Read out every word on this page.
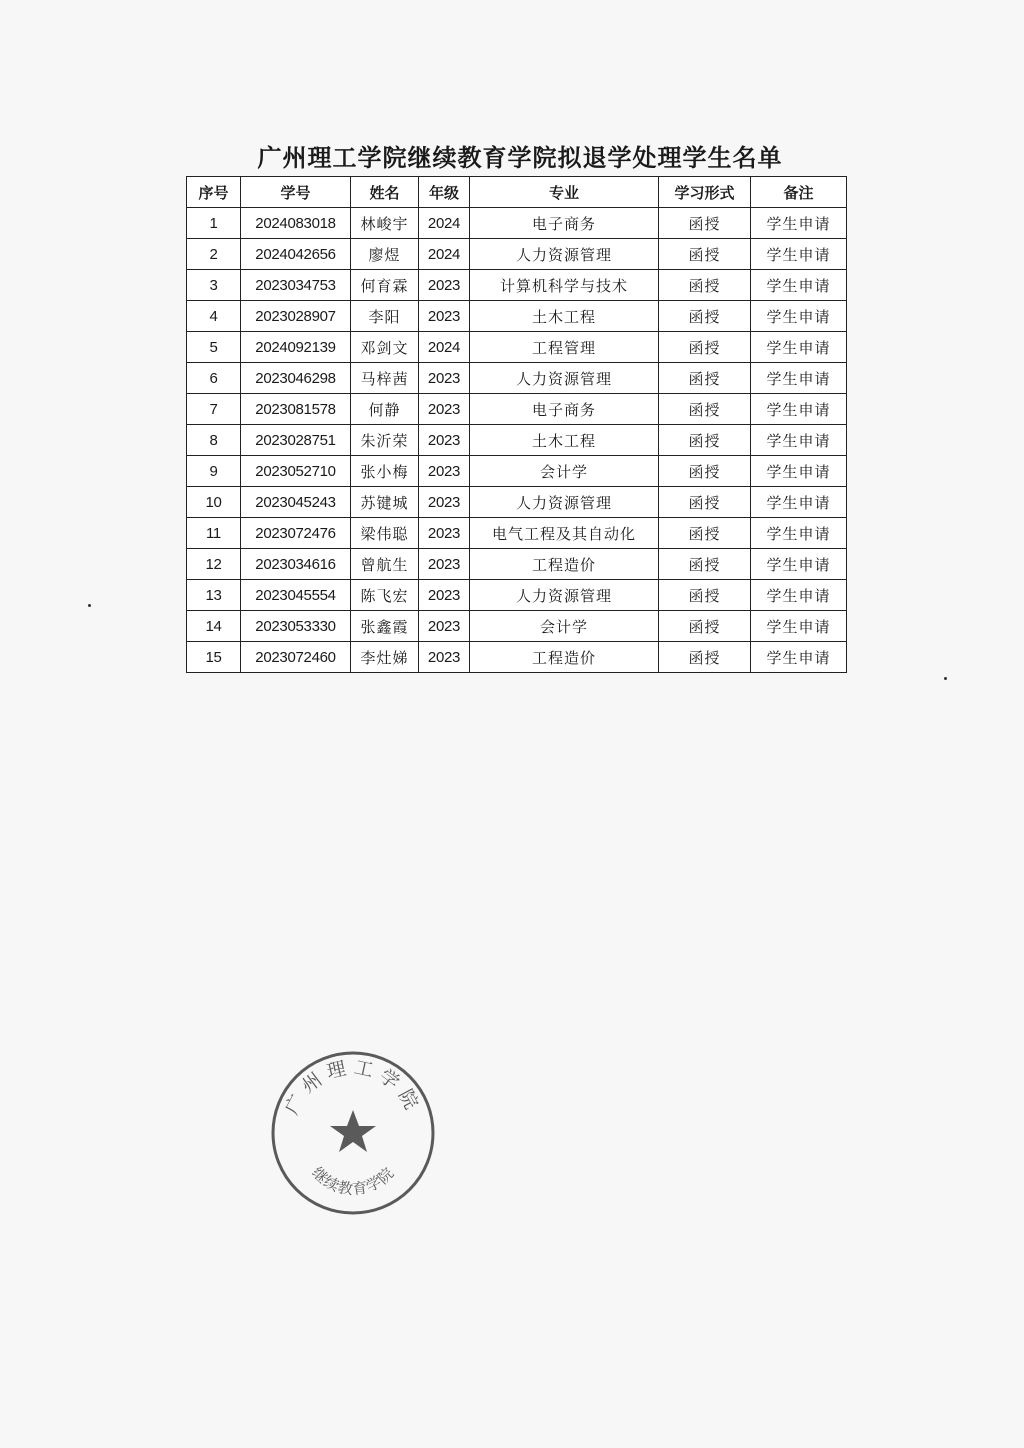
广州理工学院继续教育学院拟退学处理学生名单
序号	学号	姓名	年级	专业	学习形式	备注
1	2024083018	林峻宇	2024	电子商务	函授	学生申请
2	2024042656	廖煜	2024	人力资源管理	函授	学生申请
3	2023034753	何育霖	2023	计算机科学与技术	函授	学生申请
4	2023028907	李阳	2023	土木工程	函授	学生申请
5	2024092139	邓剑文	2024	工程管理	函授	学生申请
6	2023046298	马梓茜	2023	人力资源管理	函授	学生申请
7	2023081578	何静	2023	电子商务	函授	学生申请
8	2023028751	朱沂荣	2023	土木工程	函授	学生申请
9	2023052710	张小梅	2023	会计学	函授	学生申请
10	2023045243	苏键城	2023	人力资源管理	函授	学生申请
11	2023072476	梁伟聪	2023	电气工程及其自动化	函授	学生申请
12	2023034616	曾航生	2023	工程造价	函授	学生申请
13	2023045554	陈飞宏	2023	人力资源管理	函授	学生申请
14	2023053330	张鑫霞	2023	会计学	函授	学生申请
15	2023072460	李灶娣	2023	工程造价	函授	学生申请
广州理工学院
继续教育学院
